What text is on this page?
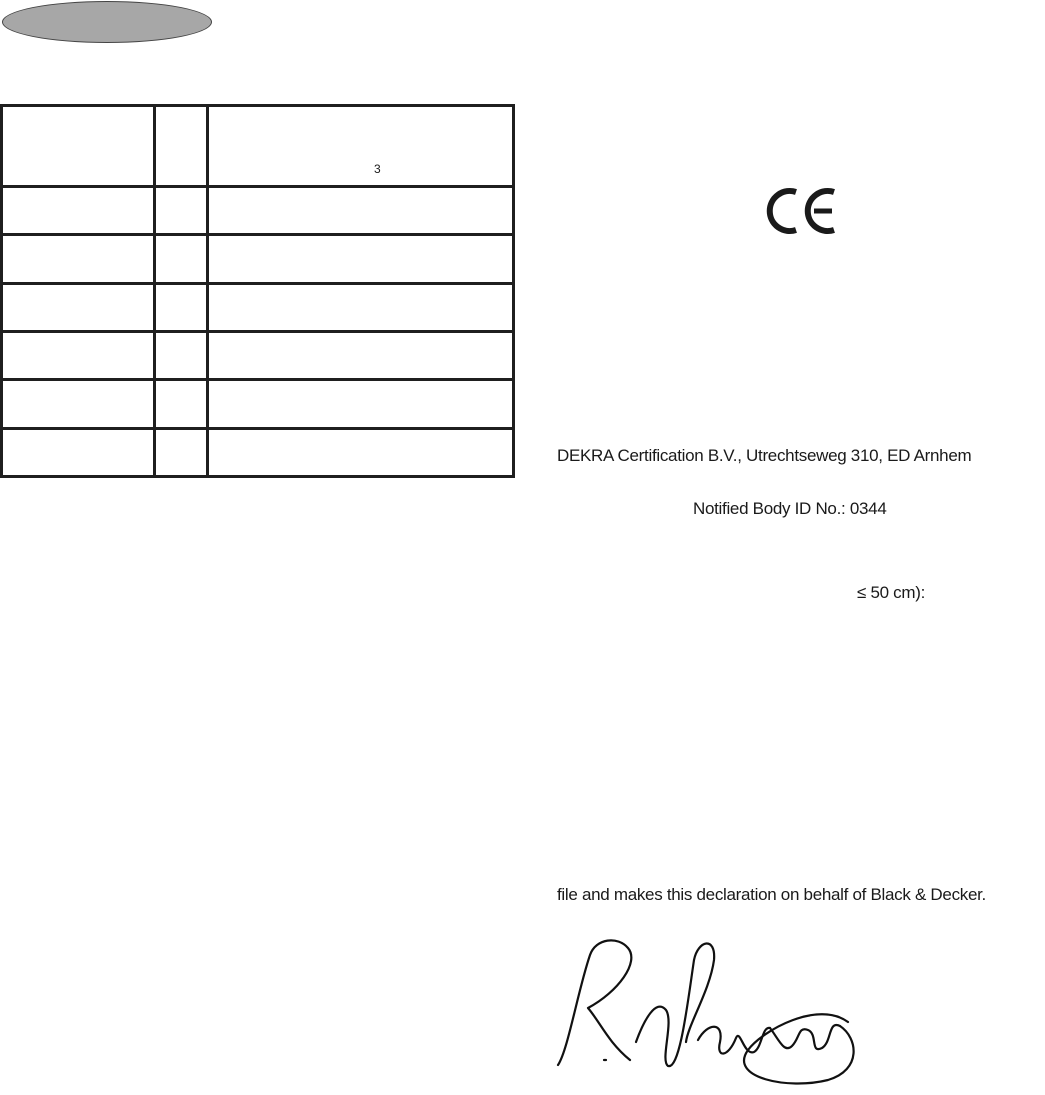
		3

DEKRA Certification B.V., Utrechtseweg 310, ED Arnhem
Notified Body ID No.: 0344
≤ 50 cm):
file and makes this declaration on behalf of Black & Decker.
